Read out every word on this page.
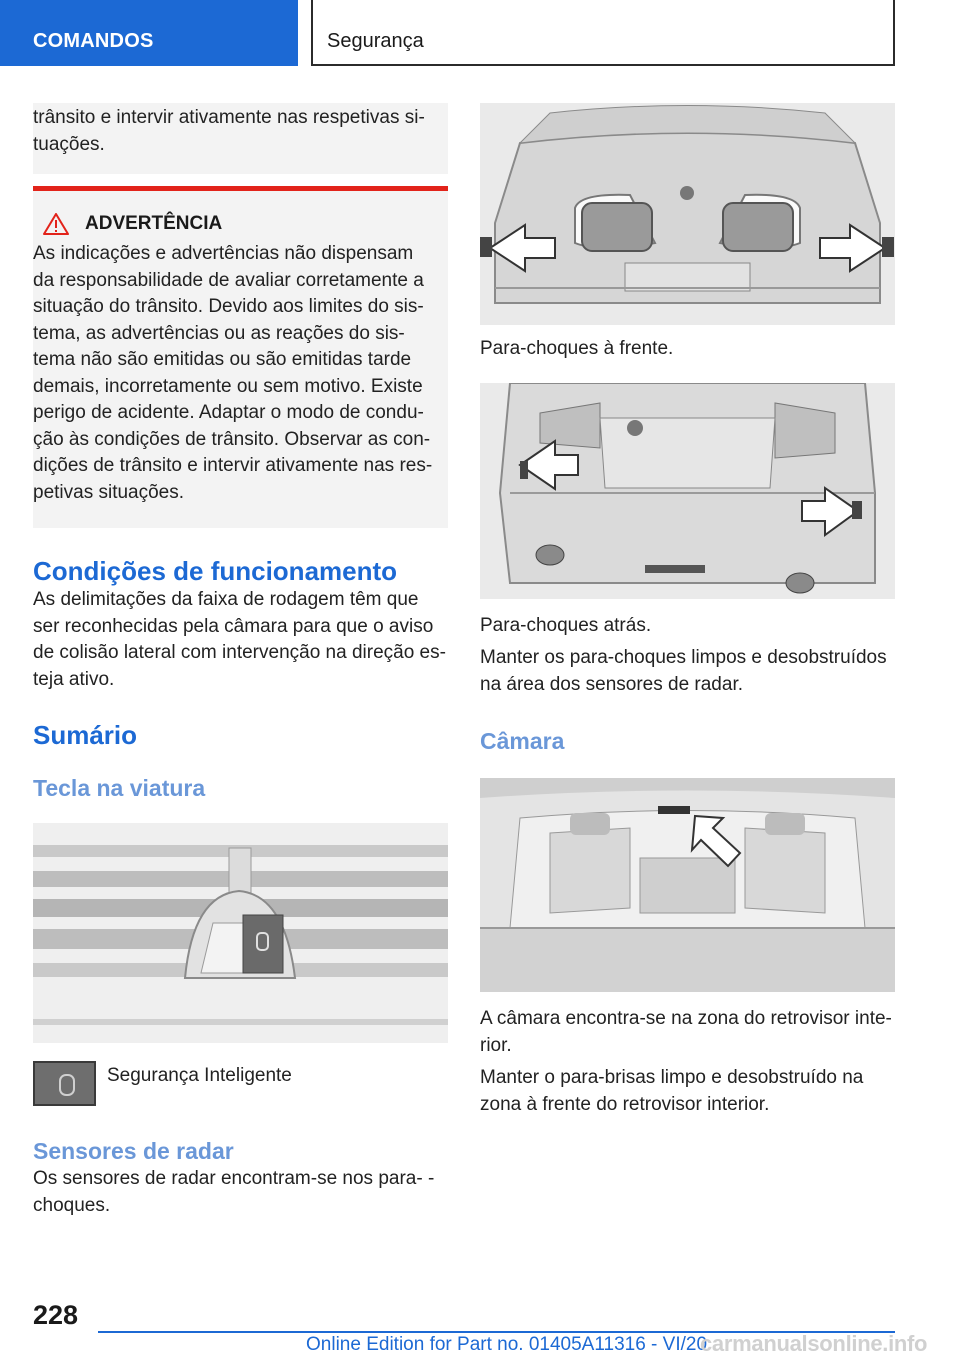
COMANDOS	Segurança

trânsito e intervir ativamente nas respetivas si- tuações.

ADVERTÊNCIA

As indicações e advertências não dispensam da responsabilidade de avaliar corretamente a situação do trânsito. Devido aos limites do sis- tema, as advertências ou as reações do sis- tema não são emitidas ou são emitidas tarde demais, incorretamente ou sem motivo. Existe perigo de acidente. Adaptar o modo de condu- ção às condições de trânsito. Observar as con- dições de trânsito e intervir ativamente nas res- petivas situações.

Condições de funcionamento

As delimitações da faixa de rodagem têm que ser reconhecidas pela câmara para que o aviso de colisão lateral com intervenção na direção es- teja ativo.

Sumário
Tecla na viatura

Segurança Inteligente

Sensores de radar

Os sensores de radar encontram-se nos para- -choques.

Para-choques à frente.

Para-choques atrás.

Manter os para-choques limpos e desobstruídos na área dos sensores de radar.

Câmara

A câmara encontra-se na zona do retrovisor inte- rior.

Manter o para-brisas limpo e desobstruído na zona à frente do retrovisor interior.

228
Online Edition for Part no. 01405A11316 - VI/20
carmanualsonline.info
